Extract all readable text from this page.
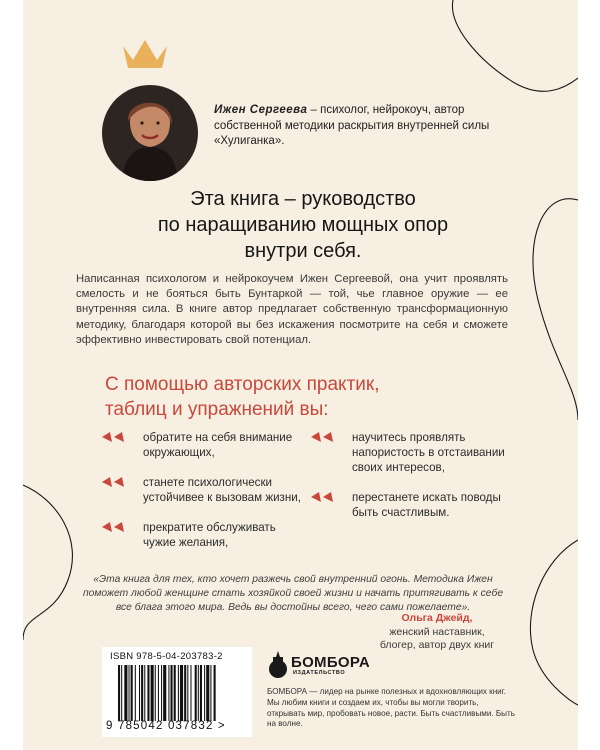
Ижен Сергеева – психолог, нейрокоуч, автор собственной методики раскрытия внутренней силы «Хулиганка».
Эта книга – руководство
по наращиванию мощных опор
внутри себя.
Написанная психологом и нейрокоучем Ижен Сергеевой, она учит проявлять смелость и не бояться быть Бунтаркой — той, чье главное оружие — ее внутренняя сила. В книге автор предлагает собственную трансформационную методику, благодаря которой вы без искажения посмотрите на себя и сможете эффективно инвестировать свой потенциал.
С помощью авторских практик,
таблиц и упражнений вы:
обратите на себя внимание окружающих,
станете психологически устойчивее к вызовам жизни,
прекратите обслуживать чужие желания,
научитесь проявлять напористость в отстаивании своих интересов,
перестанете искать поводы быть счастливым.
«Эта книга для тех, кто хочет разжечь свой внутренний огонь. Методика Ижен поможет любой женщине стать хозяйкой своей жизни и начать притягивать к себе все блага этого мира. Ведь вы достойны всего, чего сами пожелаете».
Ольга Джейд,
женский наставник,
блогер, автор двух книг
ISBN 978-5-04-203783-2
9 785042 037832 >
БОМБОРА
ИЗДАТЕЛЬСТВО
БОМБОРА — лидер на рынке полезных и вдохновляющих книг. Мы любим книги и создаем их, чтобы вы могли творить, открывать мир, пробовать новое, расти. Быть счастливыми. Быть на волне.
